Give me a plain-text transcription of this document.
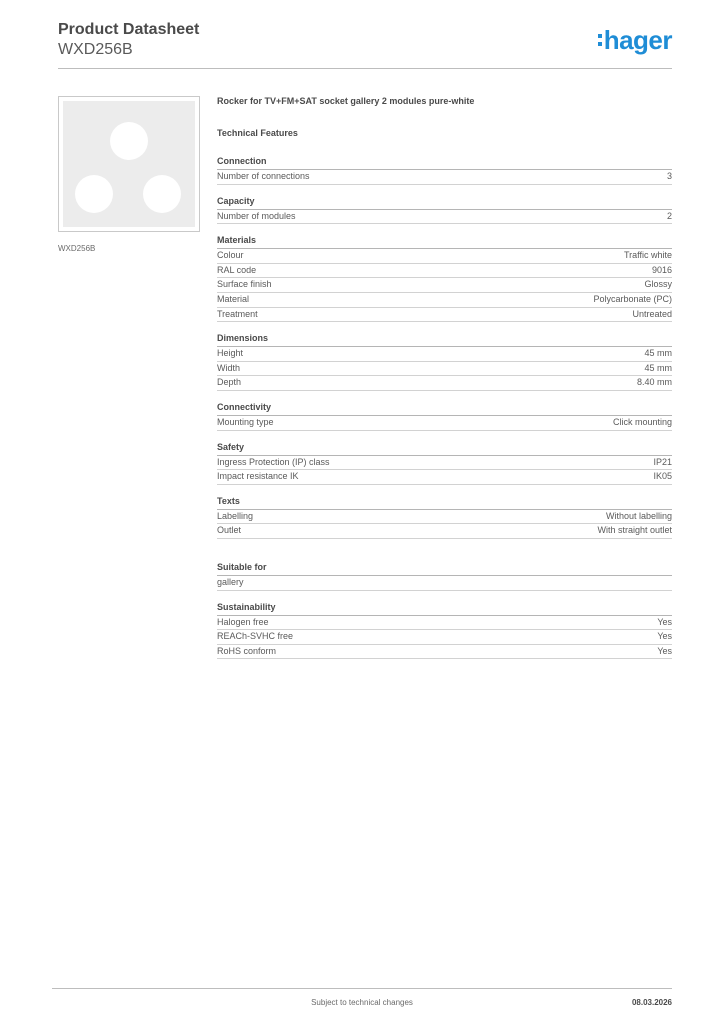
Product Datasheet
WXD256B	hager
WXD256B
Rocker for TV+FM+SAT socket gallery 2 modules pure-white
Technical Features
Connection
Number of connections	3
Capacity
Number of modules	2
Materials
Colour	Traffic white
RAL code	9016
Surface finish	Glossy
Material	Polycarbonate (PC)
Treatment	Untreated
Dimensions
Height	45 mm
Width	45 mm
Depth	8.40 mm
Connectivity
Mounting type	Click mounting
Safety
Ingress Protection (IP) class	IP21
Impact resistance IK	IK05
Texts
Labelling	Without labelling
Outlet	With straight outlet
Suitable for
gallery
Sustainability
Halogen free	Yes
REACh-SVHC free	Yes
RoHS conform	Yes
Subject to technical changes	08.03.2026
